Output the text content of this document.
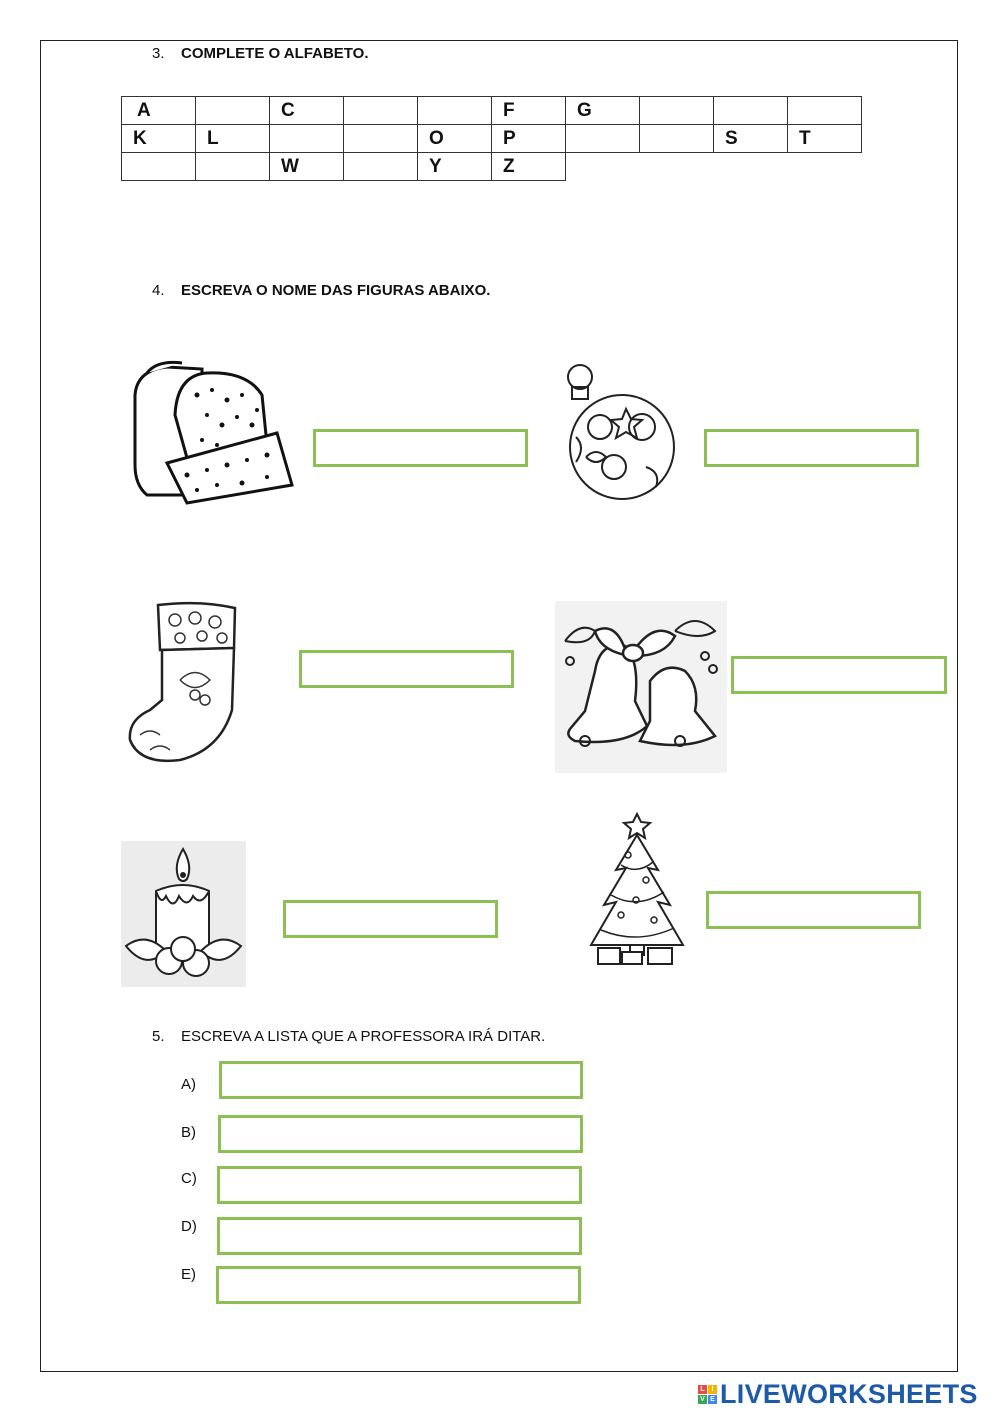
3. COMPLETE O ALFABETO.
A		C			F	G			
K	L			O	P			S	T
		W		Y	Z				
4. ESCREVA O NOME DAS FIGURAS ABAIXO.
5. ESCREVA A LISTA QUE A PROFESSORA IRÁ DITAR.
A)
B)
C)
D)
E)
L I
V E LIVEWORKSHEETS
